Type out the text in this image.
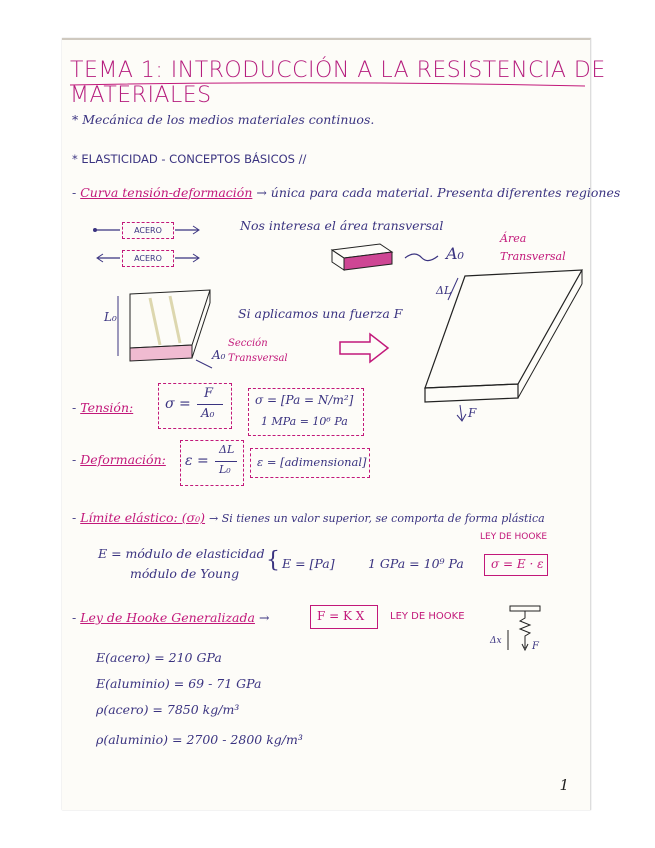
TEMA 1: INTRODUCCIÓN A LA RESISTENCIA DE MATERIALES
* Mecánica de los medios materiales continuos.
* ELASTICIDAD - CONCEPTOS BÁSICOS //
- Curva tensión-deformación → única para cada material. Presenta diferentes regiones
ACERO
ACERO
Nos interesa el área transversal
A₀
Área Transversal
ΔL
F
L₀
A₀
Sección Transversal
Si aplicamos una fuerza F
- Tensión: σ =
F
A₀
σ = [Pa = N/m²]
1 MPa = 10⁶ Pa
- Deformación: ε =
ΔL
L₀
ε = [adimensional]
- Límite elástico: (σ₀) → Si tienes un valor superior, se comporta de forma plástica
LEY DE HOOKE
E = módulo de elasticidad
módulo de Young
{ E = [Pa]	1 GPa = 10⁹ Pa σ = E · ε
- Ley de Hooke Generalizada →	F = K X	LEY DE HOOKE
Δx	F
E(acero) = 210 GPa
E(aluminio) = 69 - 71 GPa
ρ(acero) = 7850 kg/m³
ρ(aluminio) = 2700 - 2800 kg/m³
1
